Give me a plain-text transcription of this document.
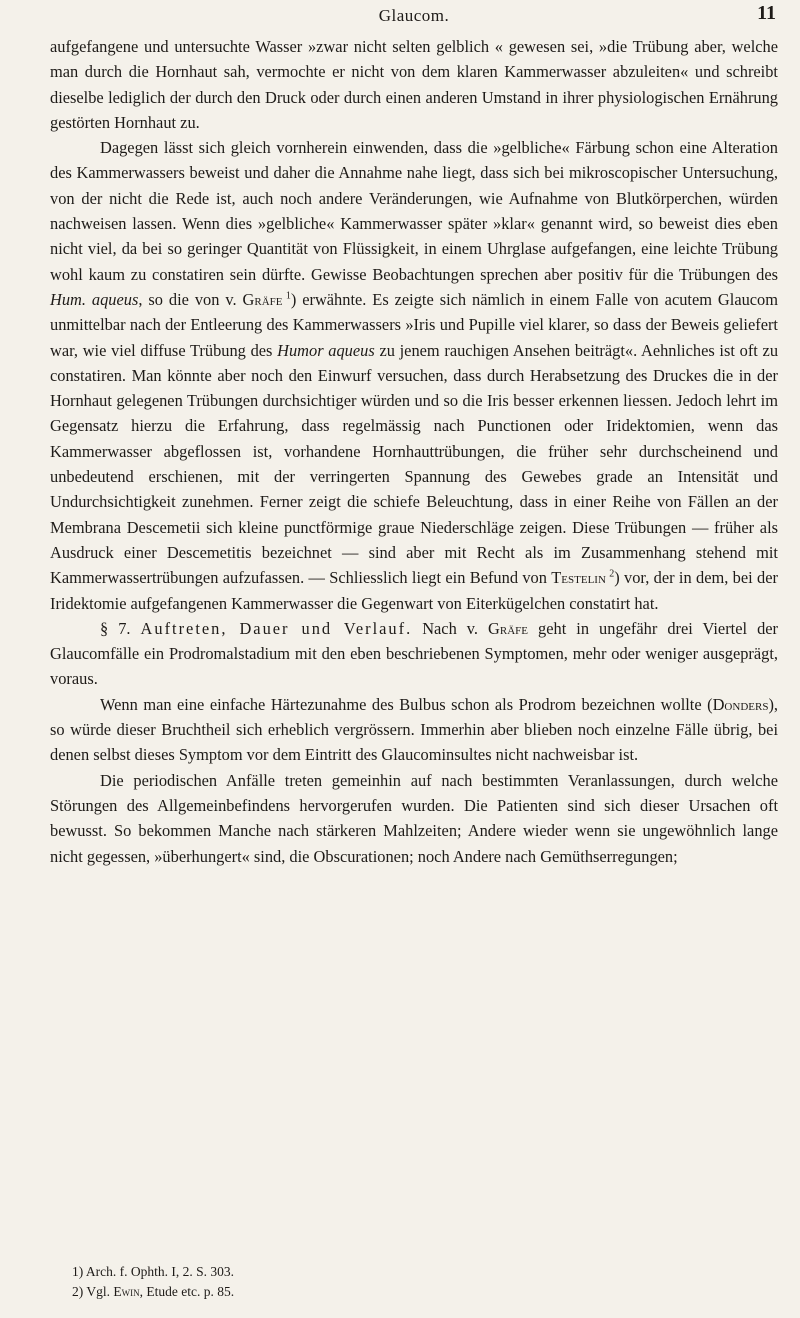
Glaucom.	11

aufgefangene und untersuchte Wasser »zwar nicht selten gelblich « gewesen sei, »die Trübung aber, welche man durch die Hornhaut sah, vermochte er nicht von dem klaren Kammerwasser abzuleiten« und schreibt dieselbe lediglich der durch den Druck oder durch einen anderen Umstand in ihrer physiologischen Ernährung gestörten Hornhaut zu.

Dagegen lässt sich gleich vornherein einwenden, dass die »gelbliche« Färbung schon eine Alteration des Kammerwassers beweist und daher die Annahme nahe liegt, dass sich bei mikroscopischer Untersuchung, von der nicht die Rede ist, auch noch andere Veränderungen, wie Aufnahme von Blutkörperchen, würden nachweisen lassen. Wenn dies »gelbliche« Kammerwasser später »klar« genannt wird, so beweist dies eben nicht viel, da bei so geringer Quantität von Flüssigkeit, in einem Uhrglase aufgefangen, eine leichte Trübung wohl kaum zu constatiren sein dürfte. Gewisse Beobachtungen sprechen aber positiv für die Trübungen des Hum. aqueus, so die von v. Gräfe  $^1$) erwähnte. Es zeigte sich nämlich in einem Falle von acutem Glaucom unmittelbar nach der Entleerung des Kammerwassers »Iris und Pupille viel klarer, so dass der Beweis geliefert war, wie viel diffuse Trübung des Humor aqueus zu jenem rauchigen Ansehen beiträgt«. Aehnliches ist oft zu constatiren. Man könnte aber noch den Einwurf versuchen, dass durch Herabsetzung des Druckes die in der Hornhaut gelegenen Trübungen durchsichtiger würden und so die Iris besser erkennen liessen. Jedoch lehrt im Gegensatz hierzu die Erfahrung, dass regelmässig nach Punctionen oder Iridektomien, wenn das Kammerwasser abgeflossen ist, vorhandene Hornhauttrübungen, die früher sehr durchscheinend und unbedeutend erschienen, mit der verringerten Spannung des Gewebes grade an Intensität und Undurchsichtigkeit zunehmen. Ferner zeigt die schiefe Beleuchtung, dass in einer Reihe von Fällen an der Membrana Descemetii sich kleine punctförmige graue Niederschläge zeigen. Diese Trübungen — früher als Ausdruck einer Descemetitis bezeichnet — sind aber mit Recht als im Zusammenhang stehend mit Kammerwassertrübungen aufzufassen. — Schliesslich liegt ein Befund von Testelin  $^2$) vor, der in dem, bei der Iridektomie aufgefangenen Kammerwasser die Gegenwart von Eiterkügelchen constatirt hat.

§ 7. Auftreten, Dauer und Verlauf. Nach v. Gräfe geht in ungefähr drei Viertel der Glaucomfälle ein Prodromalstadium mit den eben beschriebenen Symptomen, mehr oder weniger ausgeprägt, voraus.

Wenn man eine einfache Härtezunahme des Bulbus schon als Prodrom bezeichnen wollte (Donders), so würde dieser Bruchtheil sich erheblich vergrössern. Immerhin aber blieben noch einzelne Fälle übrig, bei denen selbst dieses Symptom vor dem Eintritt des Glaucominsultes nicht nachweisbar ist.

Die periodischen Anfälle treten gemeinhin auf nach bestimmten Veranlassungen, durch welche Störungen des Allgemeinbefindens hervorgerufen wurden. Die Patienten sind sich dieser Ursachen oft bewusst. So bekommen Manche nach stärkeren Mahlzeiten; Andere wieder wenn sie ungewöhnlich lange nicht gegessen, »überhungert« sind, die Obscurationen; noch Andere nach Gemüthserregungen;

1) Arch. f. Ophth. I, 2. S. 303.
2) Vgl. Ewin, Etude etc. p. 85.
